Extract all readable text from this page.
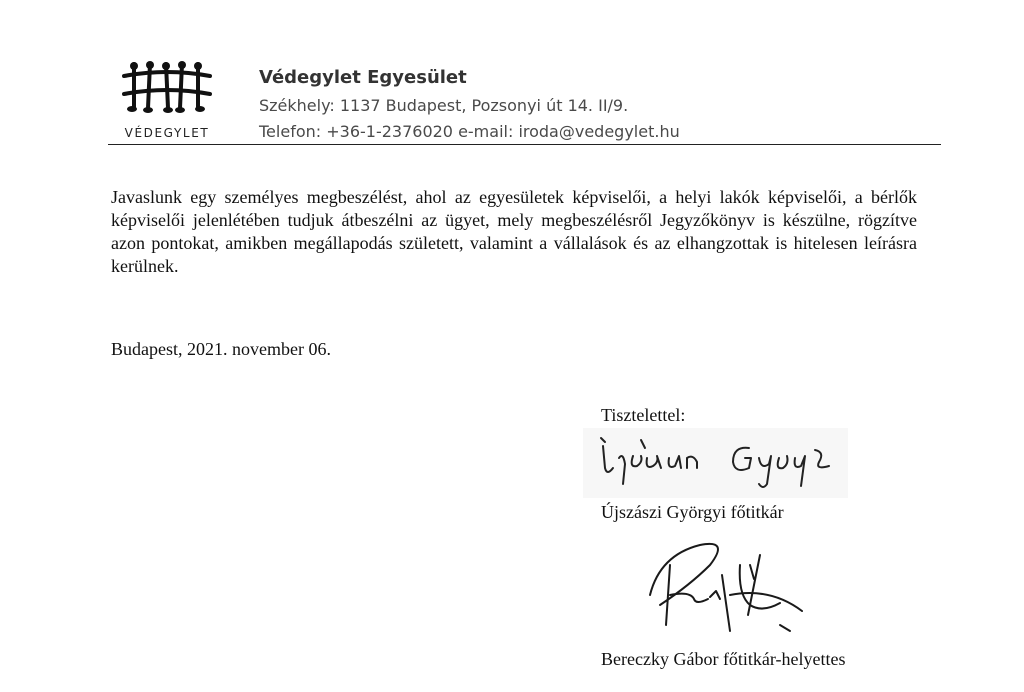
VÉDEGYLET
Védegylet Egyesület
Székhely: 1137 Budapest, Pozsonyi út 14. II/9.
Telefon: +36-1-2376020 e-mail: iroda@vedegylet.hu
Javaslunk egy személyes megbeszélést, ahol az egyesületek képviselői, a helyi lakók képviselői, a bérlők képviselői jelenlétében tudjuk átbeszélni az ügyet, mely megbeszélésről Jegyzőkönyv is készülne, rögzítve azon pontokat, amikben megállapodás született, valamint a vállalások és az elhangzottak is hitelesen leírásra kerülnek.
Budapest, 2021. november 06.
Tisztelettel:
Újszászi Györgyi főtitkár
Bereczky Gábor főtitkár-helyettes
